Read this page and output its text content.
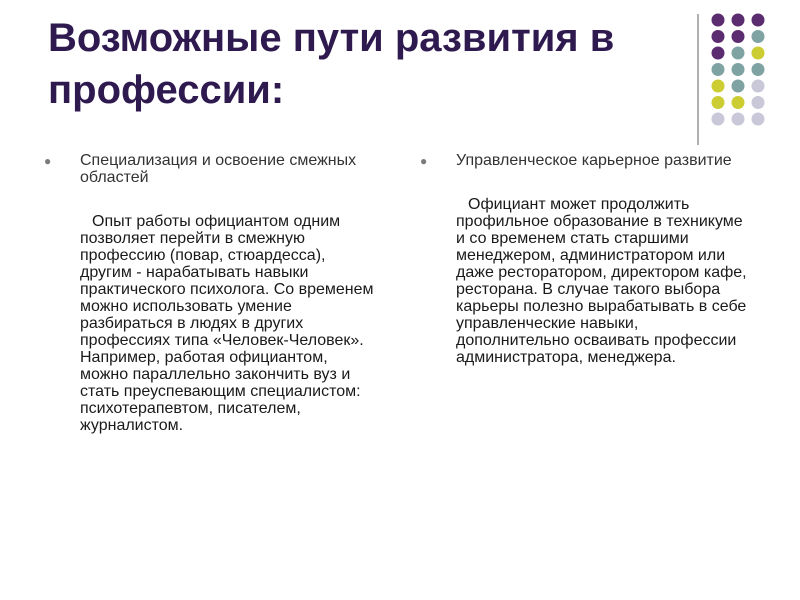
Возможные пути развития в профессии:
● Специализация и освоение смежных областей

Опыт работы официантом одним позволяет перейти в смежную профессию (повар, стюардесса), другим - нарабатывать навыки практического психолога. Со временем можно использовать умение разбираться в людях в других профессиях типа «Человек-Человек». Например, работая официантом, можно параллельно закончить вуз и стать преуспевающим специалистом: психотерапевтом, писателем, журналистом.

● Управленческое карьерное развитие

Официант может продолжить профильное образование в техникуме и со временем стать старшими менеджером, администратором или даже ресторатором, директором кафе, ресторана. В случае такого выбора карьеры полезно вырабатывать в себе управленческие навыки, дополнительно осваивать профессии администратора, менеджера.
